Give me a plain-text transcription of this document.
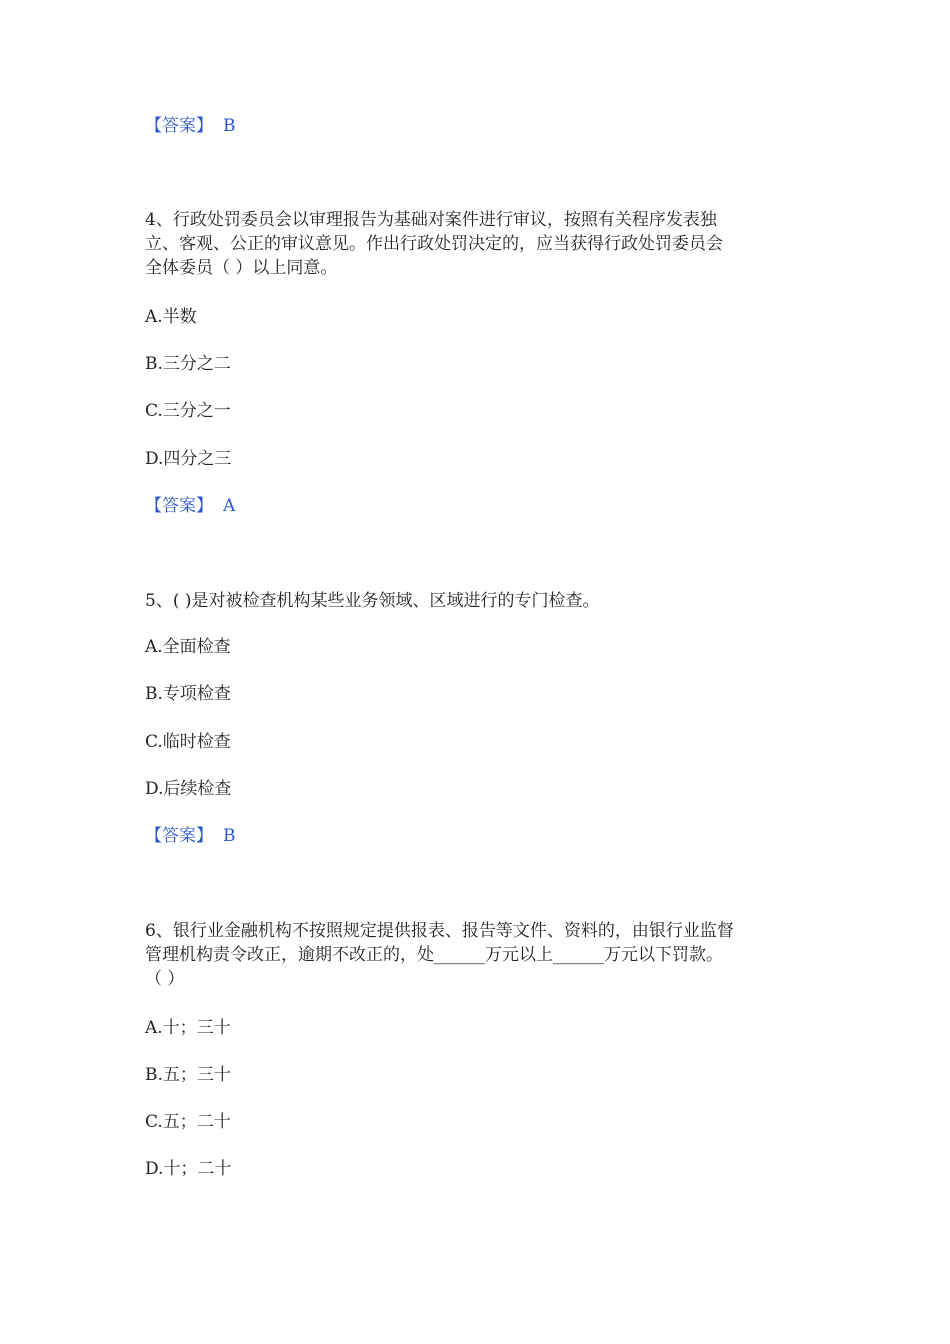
【答案】 B
4、行政处罚委员会以审理报告为基础对案件进行审议，按照有关程序发表独
立、客观、公正的审议意见。作出行政处罚决定的，应当获得行政处罚委员会
全体委员（ ）以上同意。
A.半数
B.三分之二
C.三分之一
D.四分之三
【答案】 A
5、( )是对被检查机构某些业务领域、区域进行的专门检查。
A.全面检查
B.专项检查
C.临时检查
D.后续检查
【答案】 B
6、银行业金融机构不按照规定提供报表、报告等文件、资料的，由银行业监督
管理机构责令改正，逾期不改正的，处______万元以上______万元以下罚款。
（ ）
A.十；三十
B.五；三十
C.五；二十
D.十；二十
